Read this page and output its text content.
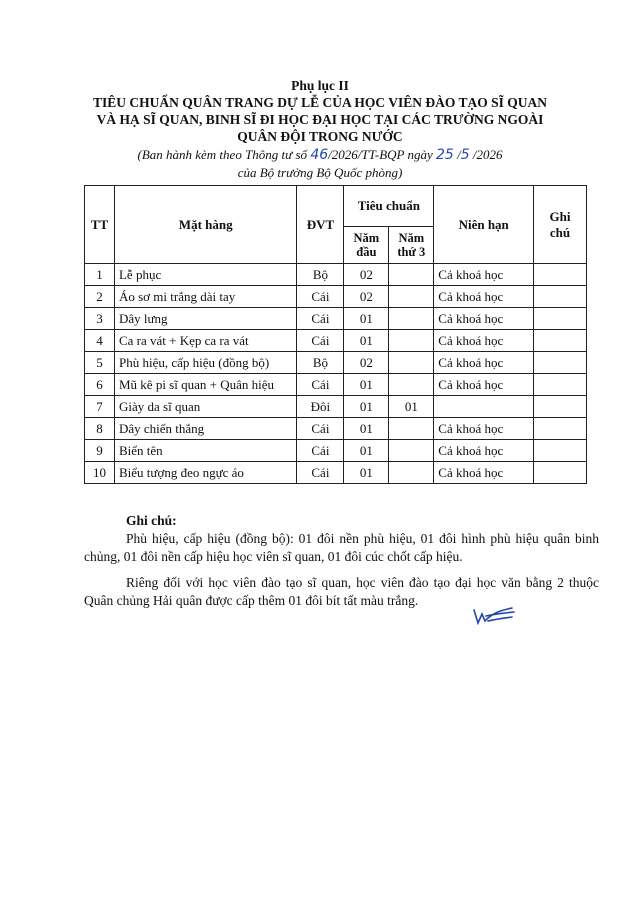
Phụ lục II
TIÊU CHUẨN QUÂN TRANG DỰ LỄ CỦA HỌC VIÊN ĐÀO TẠO SĨ QUAN
VÀ HẠ SĨ QUAN, BINH SĨ ĐI HỌC ĐẠI HỌC TẠI CÁC TRƯỜNG NGOÀI
QUÂN ĐỘI TRONG NƯỚC
(Ban hành kèm theo Thông tư số 46/2026/TT-BQP ngày 25 /5 /2026
của Bộ trưởng Bộ Quốc phòng)
TT	Mặt hàng	ĐVT	Tiêu chuẩn		Niên hạn	Ghi chú
			Năm đầu	Năm thứ 3		
1	Lễ phục	Bộ	02		Cả khoá học	
2	Áo sơ mi trắng dài tay	Cái	02		Cả khoá học	
3	Dây lưng	Cái	01		Cả khoá học	
4	Ca ra vát + Kẹp ca ra vát	Cái	01		Cả khoá học	
5	Phù hiệu, cấp hiệu (đồng bộ)	Bộ	02		Cả khoá học	
6	Mũ kê pi sĩ quan + Quân hiệu	Cái	01		Cả khoá học	
7	Giày da sĩ quan	Đôi	01	01		
8	Dây chiến thắng	Cái	01		Cả khoá học	
9	Biển tên	Cái	01		Cả khoá học	
10	Biểu tượng đeo ngực áo	Cái	01		Cả khoá học	
Ghi chú:
Phù hiệu, cấp hiệu (đồng bộ): 01 đôi nền phù hiệu, 01 đôi hình phù hiệu quân binh chủng, 01 đôi nền cấp hiệu học viên sĩ quan, 01 đôi cúc chốt cấp hiệu.
Riêng đối với học viên đào tạo sĩ quan, học viên đào tạo đại học văn bằng 2 thuộc Quân chủng Hải quân được cấp thêm 01 đôi bít tất màu trắng.
